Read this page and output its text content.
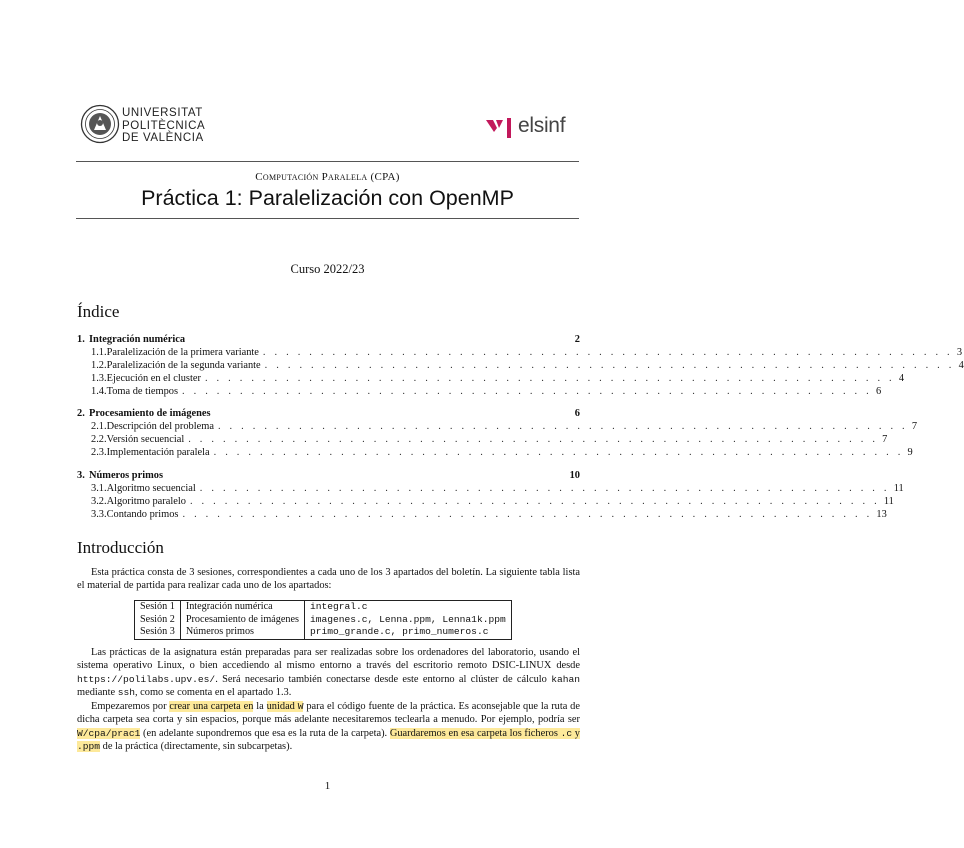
UNIVERSITAT
POLITÈCNICA
DE VALÈNCIA
elsinf
Computación Paralela (CPA)
Práctica 1: Paralelización con OpenMP
Curso 2022/23
Índice
1. Integración numérica	2
1.1. Paralelización de la primera variante . . . . . . . . . . . . . . . . . . . . . . . . . . . . . . . . . . . . . . . . . . . . . . . . . . . . . . . . . . . . 3
1.2. Paralelización de la segunda variante . . . . . . . . . . . . . . . . . . . . . . . . . . . . . . . . . . . . . . . . . . . . . . . . . . . . . . . . . . . . 4
1.3. Ejecución en el cluster . . . . . . . . . . . . . . . . . . . . . . . . . . . . . . . . . . . . . . . . . . . . . . . . . . . . . . . . . . . . 4
1.4. Toma de tiempos . . . . . . . . . . . . . . . . . . . . . . . . . . . . . . . . . . . . . . . . . . . . . . . . . . . . . . . . . . . . 6
2. Procesamiento de imágenes	6
2.1. Descripción del problema . . . . . . . . . . . . . . . . . . . . . . . . . . . . . . . . . . . . . . . . . . . . . . . . . . . . . . . . . . . . 7
2.2. Versión secuencial . . . . . . . . . . . . . . . . . . . . . . . . . . . . . . . . . . . . . . . . . . . . . . . . . . . . . . . . . . . . 7
2.3. Implementación paralela . . . . . . . . . . . . . . . . . . . . . . . . . . . . . . . . . . . . . . . . . . . . . . . . . . . . . . . . . . . . 9
3. Números primos	10
3.1. Algoritmo secuencial . . . . . . . . . . . . . . . . . . . . . . . . . . . . . . . . . . . . . . . . . . . . . . . . . . . . . . . . . . . . 11
3.2. Algoritmo paralelo . . . . . . . . . . . . . . . . . . . . . . . . . . . . . . . . . . . . . . . . . . . . . . . . . . . . . . . . . . . . 11
3.3. Contando primos . . . . . . . . . . . . . . . . . . . . . . . . . . . . . . . . . . . . . . . . . . . . . . . . . . . . . . . . . . . . 13
Introducción

Esta práctica consta de 3 sesiones, correspondientes a cada uno de los 3 apartados del boletín. La siguiente tabla lista el material de partida para realizar cada uno de los apartados:

Sesión 1	Integración numérica	integral.c
Sesión 2	Procesamiento de imágenes	imagenes.c, Lenna.ppm, Lenna1k.ppm
Sesión 3	Números primos	primo_grande.c, primo_numeros.c

Las prácticas de la asignatura están preparadas para ser realizadas sobre los ordenadores del laboratorio, usando el sistema operativo Linux, o bien accediendo al mismo entorno a través del escritorio remoto DSIC-LINUX desde https://polilabs.upv.es/. Será necesario también conectarse desde este entorno al clúster de cálculo kahan mediante ssh, como se comenta en el apartado 1.3.

Empezaremos por crear una carpeta en la unidad W para el código fuente de la práctica. Es aconsejable que la ruta de dicha carpeta sea corta y sin espacios, porque más adelante necesitaremos teclearla a menudo. Por ejemplo, podría ser W/cpa/prac1 (en adelante supondremos que esa es la ruta de la carpeta). Guardaremos en esa carpeta los ficheros .c y .ppm de la práctica (directamente, sin subcarpetas).

1
